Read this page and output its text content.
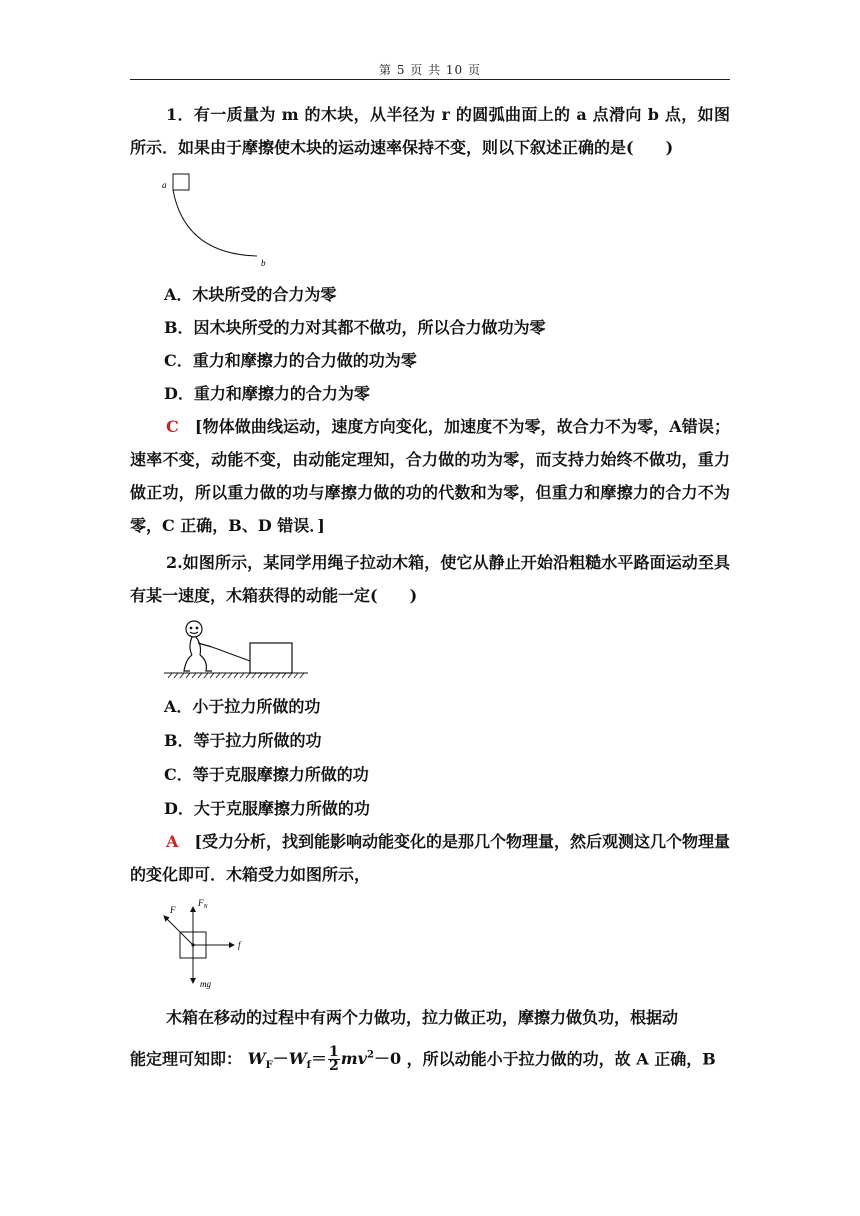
第 5 页 共 10 页
1．有一质量为 m 的木块，从半径为 r 的圆弧曲面上的 a 点滑向 b 点，如图所示．如果由于摩擦使木块的运动速率保持不变，则以下叙述正确的是(　　)
a
b
A．木块所受的合力为零
B．因木块所受的力对其都不做功，所以合力做功为零
C．重力和摩擦力的合力做的功为零
D．重力和摩擦力的合力为零
C　 [物体做曲线运动，速度方向变化，加速度不为零，故合力不为零，A错误；速率不变，动能不变，由动能定理知，合力做的功为零，而支持力始终不做功，重力做正功，所以重力做的功与摩擦力做的功的代数和为零，但重力和摩擦力的合力不为零，C 正确，B、D 错误．]
2.如图所示，某同学用绳子拉动木箱，使它从静止开始沿粗糙水平路面运动至具有某一速度，木箱获得的动能一定(　　)
A．小于拉力所做的功
B．等于拉力所做的功
C．等于克服摩擦力所做的功
D．大于克服摩擦力所做的功
A　 [受力分析，找到能影响动能变化的是那几个物理量，然后观测这几个物理量的变化即可．木箱受力如图所示，
F
$F_N$
f
mg
木箱在移动的过程中有两个力做功，拉力做正功，摩擦力做负功，根据动
能定理可知即： $W_F-W_f= \frac{1}{2} mv^2-0$ ，所以动能小于拉力做的功，故 A 正确，B
